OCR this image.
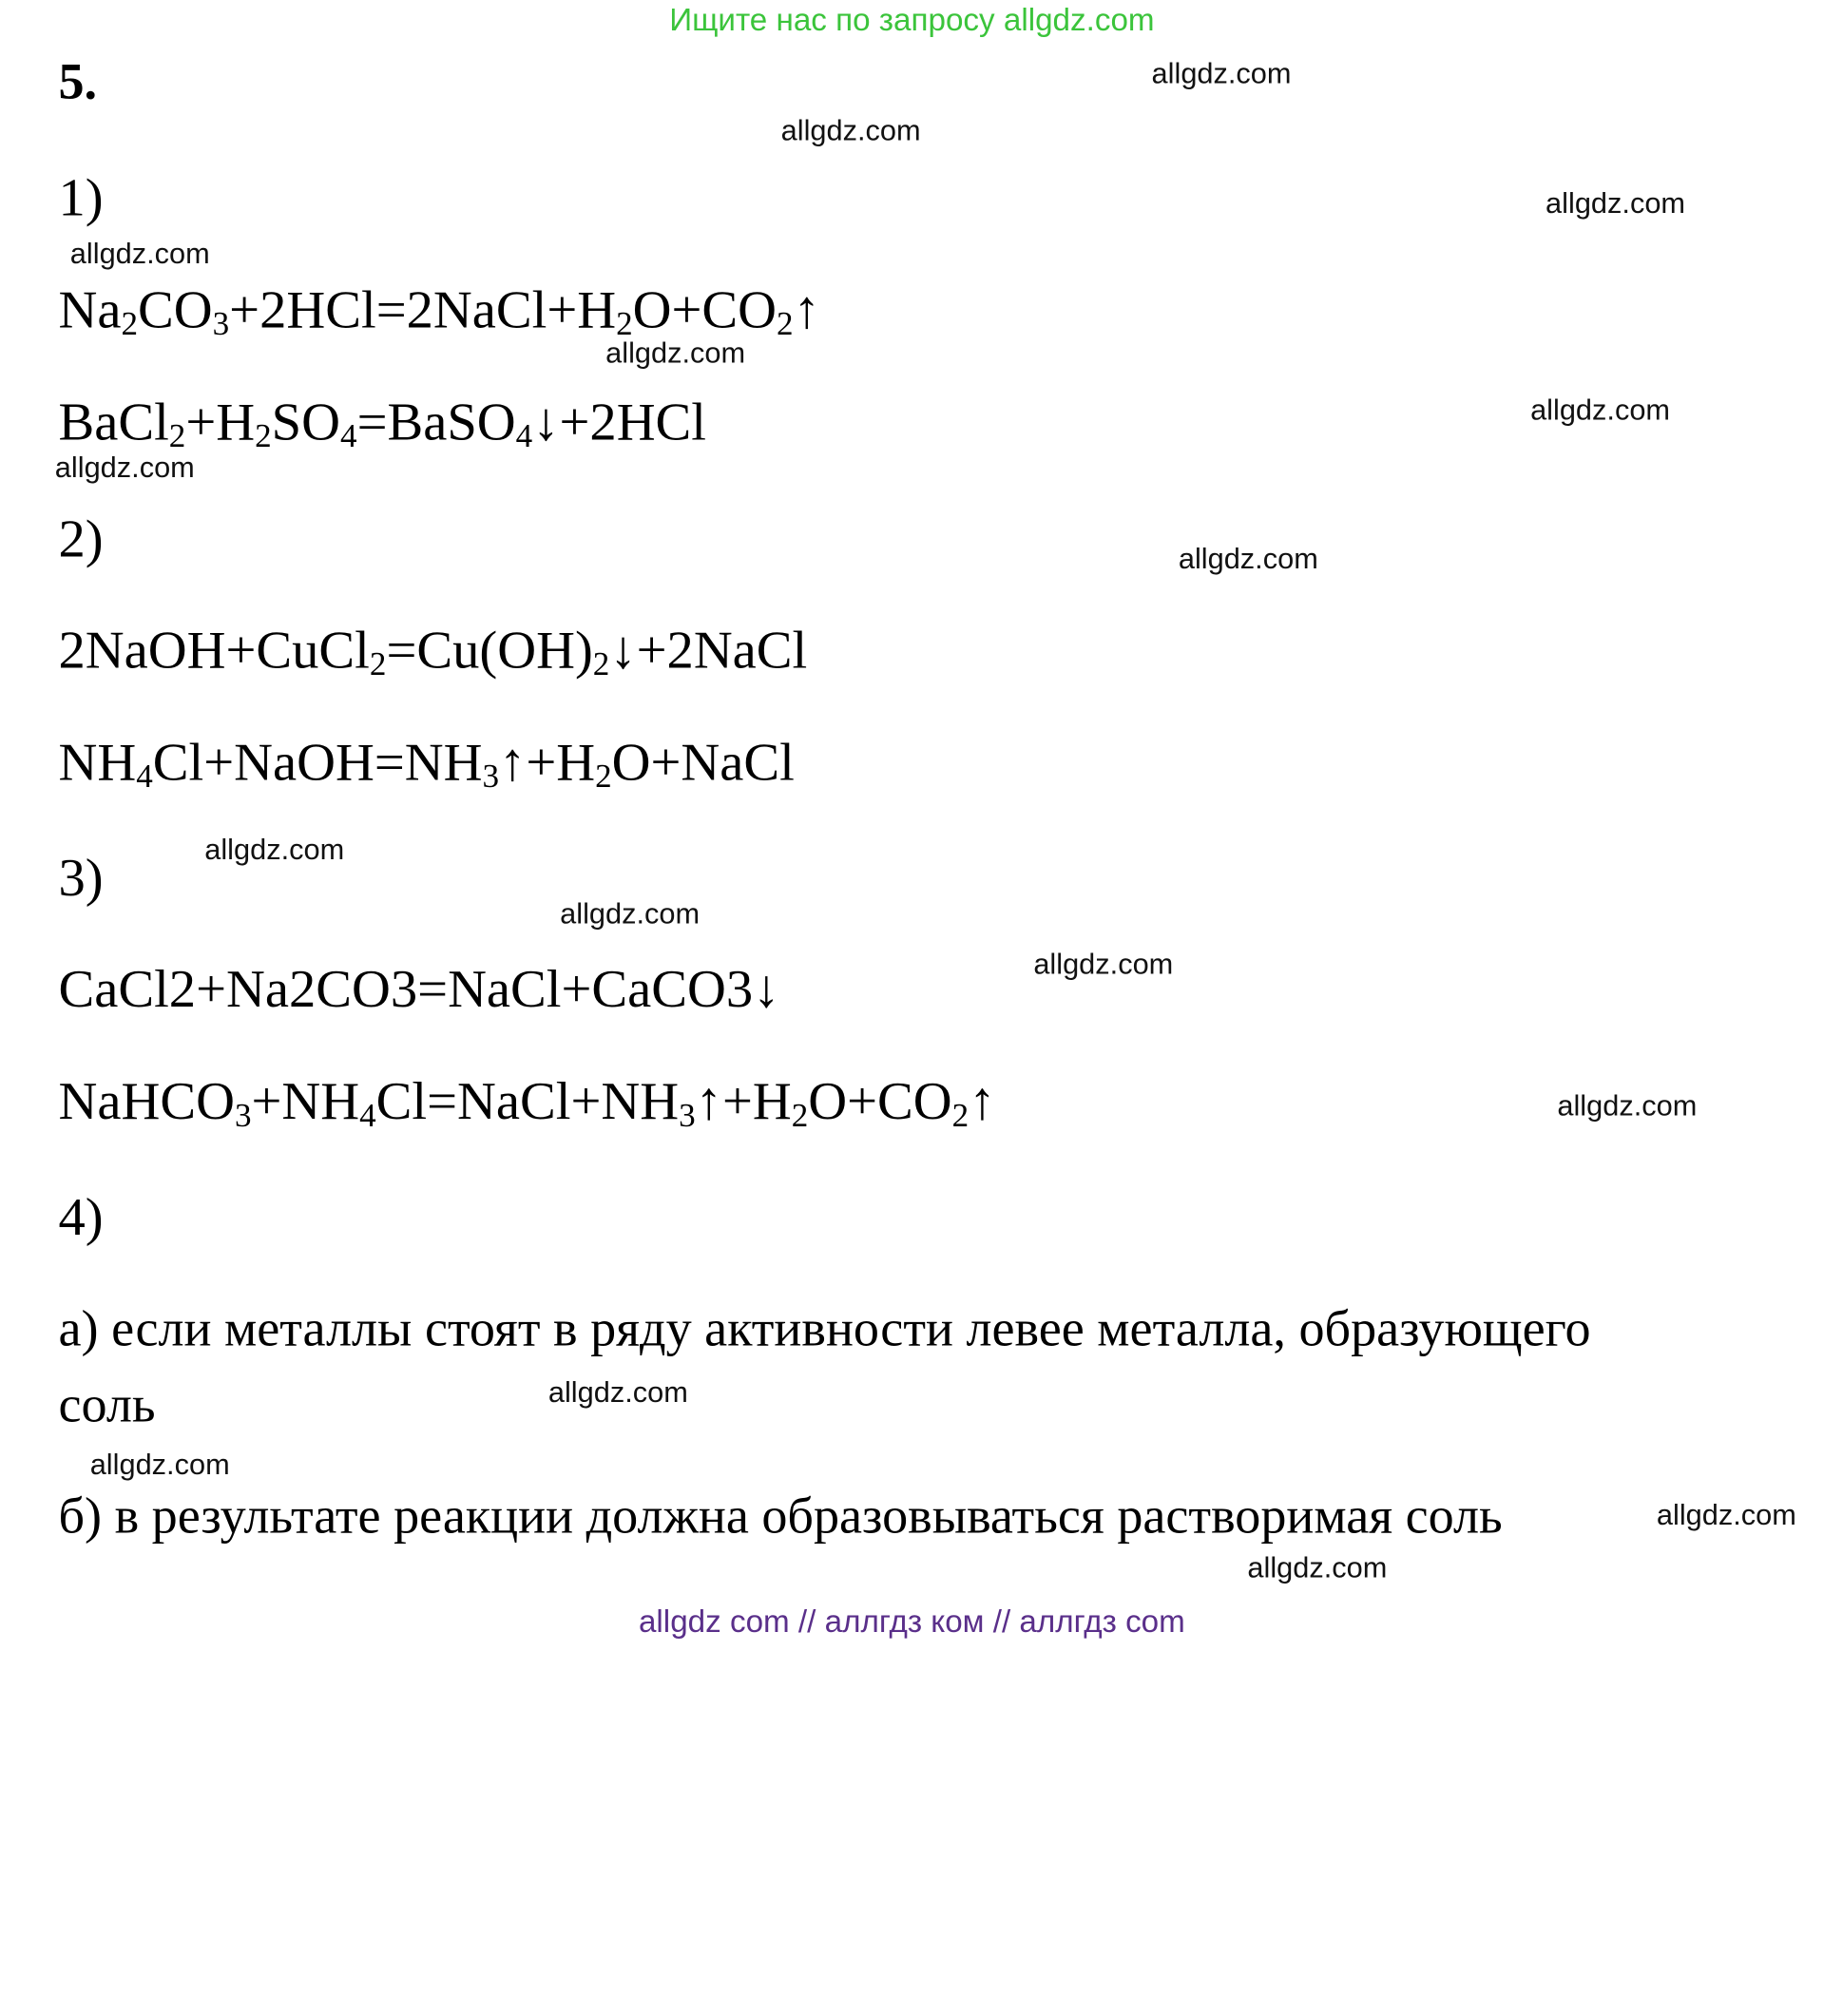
Ищите нас по запросу allgdz.com
5.	allgdz.com
allgdz.com
allgdz.com
allgdz.com
allgdz.com
allgdz.com
allgdz.com
allgdz.com
allgdz.com
allgdz.com
allgdz.com
allgdz.com
allgdz.com
allgdz.com
allgdz.com
allgdz.com
1)
$Na_2CO_3+2HCl=2NaCl+H_2O+CO_2↑$
$BaCl_2+H_2SO_4=BaSO_4↓+2HCl$
2)
$2NaOH+CuCl_2=Cu(OH)_2↓+2NaCl$
$NH_4Cl+NaOH=NH_3↑+H_2O+NaCl$
3)
CaCl2+Na2CO3=NaCl+CaCO3↓
$NaHCO_3+NH_4Cl=NaCl+NH_3↑+H_2O+CO_2↑$
4)
а) если металлы стоят в ряду активности левее металла, образующего
соль
б) в результате реакции должна образовываться растворимая соль
allgdz com // аллгдз ком // аллгдз com
